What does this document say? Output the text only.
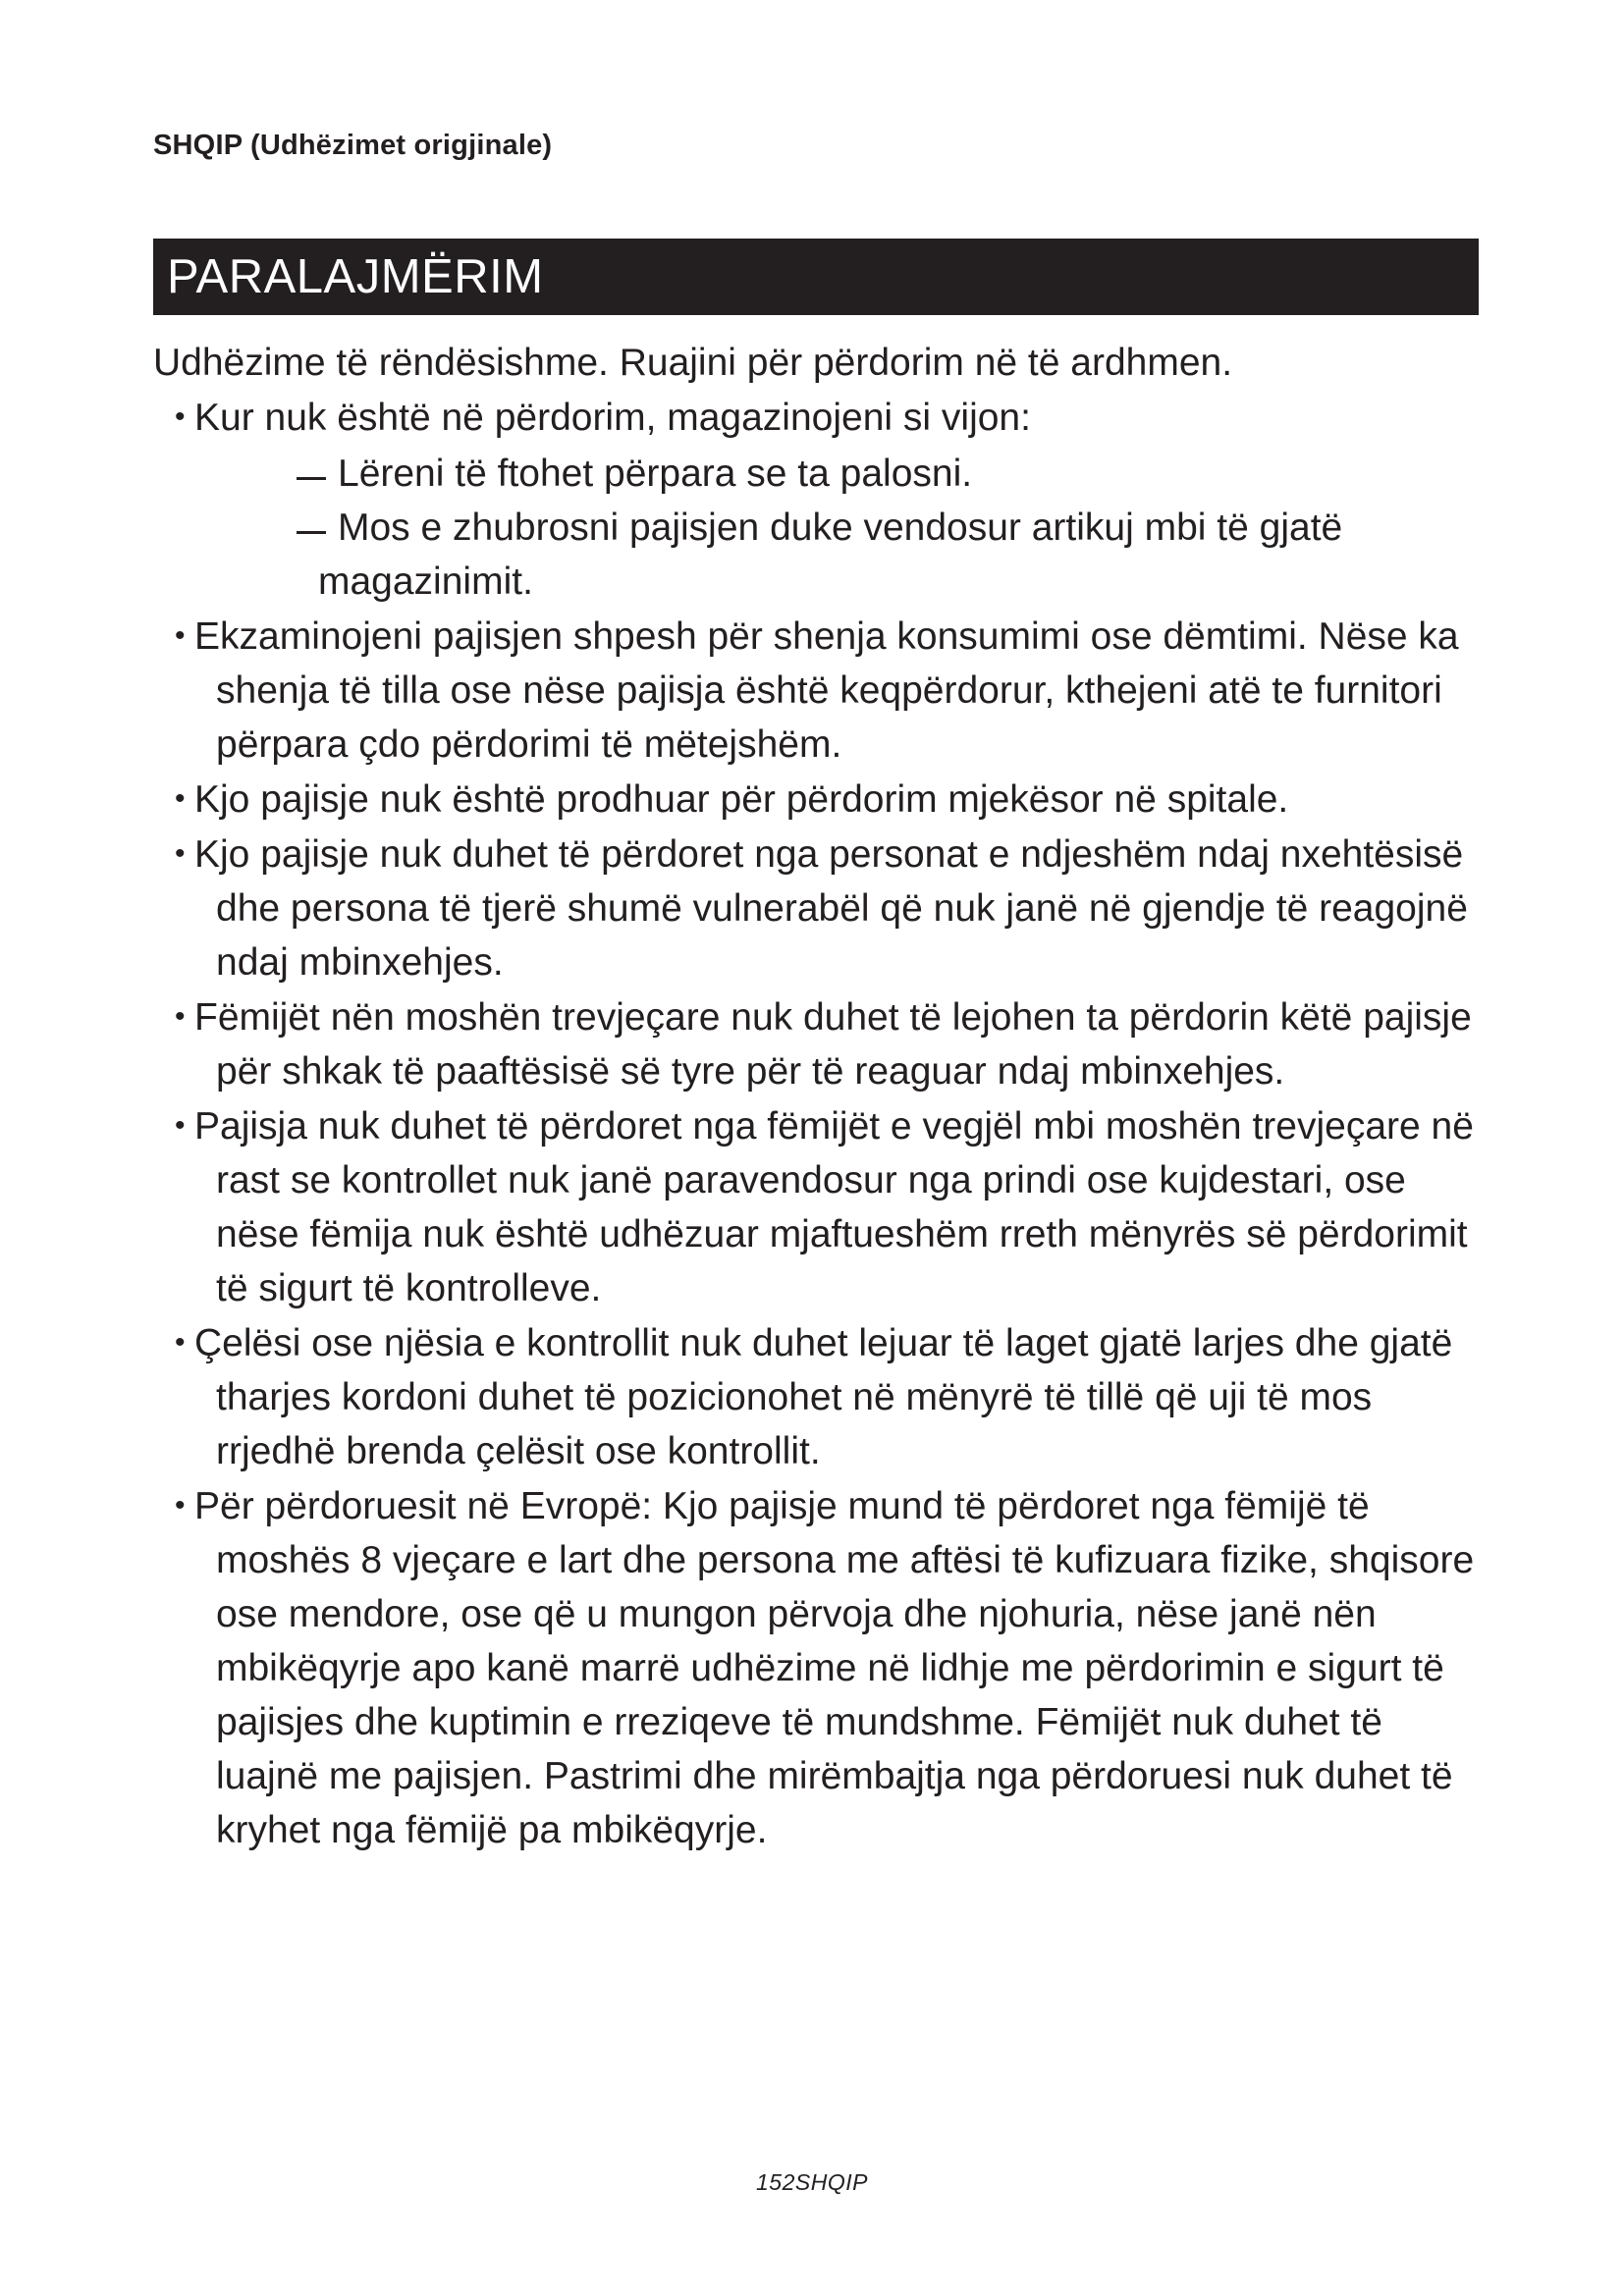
SHQIP (Udhëzimet origjinale)
PARALAJMËRIM
Udhëzime të rëndësishme. Ruajini për përdorim në të ardhmen.
• Kur nuk është në përdorim, magazinojeni si vijon:
Lëreni të ftohet përpara se ta palosni.
Mos e zhubrosni pajisjen duke vendosur artikuj mbi të gjatë magazinimit.
• Ekzaminojeni pajisjen shpesh për shenja konsumimi ose dëmtimi. Nëse ka shenja të tilla ose nëse pajisja është keqpërdorur, kthejeni atë te furnitori përpara çdo përdorimi të mëtejshëm.
• Kjo pajisje nuk është prodhuar për përdorim mjekësor në spitale.
• Kjo pajisje nuk duhet të përdoret nga personat e ndjeshëm ndaj nxehtësisë dhe persona të tjerë shumë vulnerabël që nuk janë në gjendje të reagojnë ndaj mbinxehjes.
• Fëmijët nën moshën trevjeçare nuk duhet të lejohen ta përdorin këtë pajisje për shkak të paaftësisë së tyre për të reaguar ndaj mbinxehjes.
• Pajisja nuk duhet të përdoret nga fëmijët e vegjël mbi moshën trevjeçare në rast se kontrollet nuk janë paravendosur nga prindi ose kujdestari, ose nëse fëmija nuk është udhëzuar mjaftueshëm rreth mënyrës së përdorimit të sigurt të kontrolleve.
• Çelësi ose njësia e kontrollit nuk duhet lejuar të laget gjatë larjes dhe gjatë tharjes kordoni duhet të pozicionohet në mënyrë të tillë që uji të mos rrjedhë brenda çelësit ose kontrollit.
• Për përdoruesit në Evropë: Kjo pajisje mund të përdoret nga fëmijë të moshës 8 vjeçare e lart dhe persona me aftësi të kufizuara fizike, shqisore ose mendore, ose që u mungon përvoja dhe njohuria, nëse janë nën mbikëqyrje apo kanë marrë udhëzime në lidhje me përdorimin e sigurt të pajisjes dhe kuptimin e rreziqeve të mundshme. Fëmijët nuk duhet të luajnë me pajisjen. Pastrimi dhe mirëmbajtja nga përdoruesi nuk duhet të kryhet nga fëmijë pa mbikëqyrje.
152SHQIP
